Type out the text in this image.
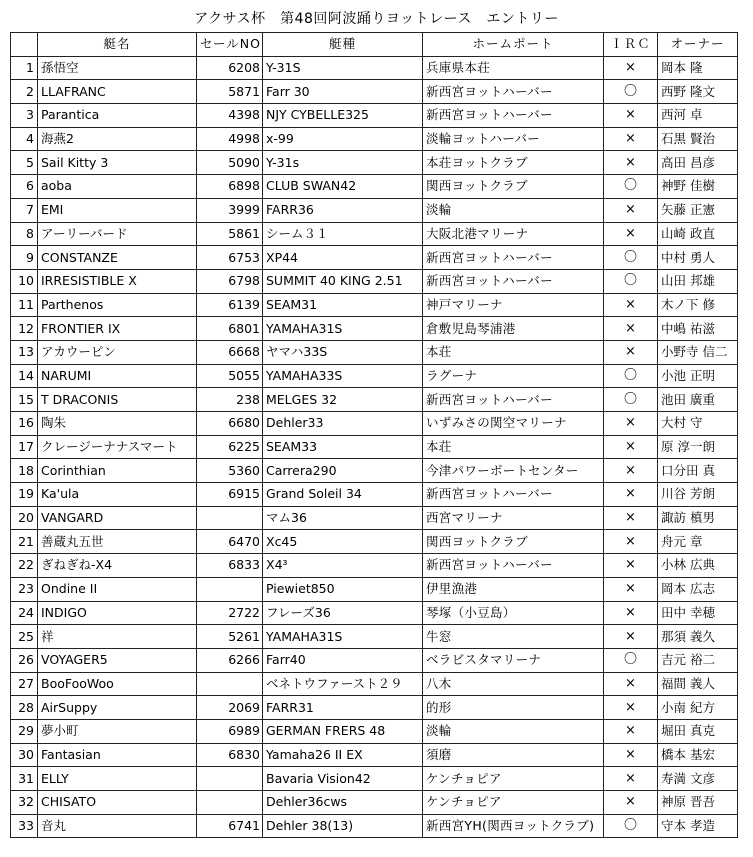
アクサス杯　第48回阿波踊りヨットレース　エントリー
	艇名	セールNO	艇種	ホームポート	ＩＲＣ	オーナー
1	孫悟空	6208	Y-31S	兵庫県本荘	×	岡本 隆
2	LLAFRANC	5871	Farr 30	新西宮ヨットハーバー	〇	西野 隆文
3	Parantica	4398	NJY CYBELLE325	新西宮ヨットハーバー	×	西河 卓
4	海燕2	4998	x-99	淡輪ヨットハーバー	×	石黒 賢治
5	Sail Kitty 3	5090	Y-31s	本荘ヨットクラブ	×	高田 昌彦
6	aoba	6898	CLUB SWAN42	関西ヨットクラブ	〇	神野 佳樹
7	EMI	3999	FARR36	淡輪	×	矢藤 正憲
8	アーリーバード	5861	シーム３１	大阪北港マリーナ	×	山崎 政直
9	CONSTANZE	6753	XP44	新西宮ヨットハーバー	〇	中村 勇人
10	IRRESISTIBLE X	6798	SUMMIT 40 KING 2.51	新西宮ヨットハーバー	〇	山田 邦雄
11	Parthenos	6139	SEAM31	神戸マリーナ	×	木ノ下 修
12	FRONTIER IX	6801	YAMAHA31S	倉敷児島琴浦港	×	中嶋 祐滋
13	アカウーピン	6668	ヤマハ33S	本荘	×	小野寺 信二
14	NARUMI	5055	YAMAHA33S	ラグーナ	〇	小池 正明
15	T DRACONIS	238	MELGES 32	新西宮ヨットハーバー	〇	池田 廣重
16	陶朱	6680	Dehler33	いずみさの関空マリーナ	×	大村 守
17	クレージーナナスマート	6225	SEAM33	本荘	×	原 淳一朗
18	Corinthian	5360	Carrera290	今津パワーボートセンター	×	口分田 真
19	Ka'ula	6915	Grand Soleil 34	新西宮ヨットハーバー	×	川谷 芳朗
20	VANGARD		マム36	西宮マリーナ	×	諏訪 槙男
21	善蔵丸五世	6470	Xc45	関西ヨットクラブ	×	舟元 章
22	ぎねぎね-X4	6833	X4³	新西宮ヨットハーバー	×	小林 広典
23	Ondine II		Piewiet850	伊里漁港	×	岡本 広志
24	INDIGO	2722	フレーズ36	琴塚（小豆島）	×	田中 幸穂
25	祥	5261	YAMAHA31S	牛窓	×	那須 義久
26	VOYAGER5	6266	Farr40	ベラビスタマリーナ	〇	吉元 裕二
27	BooFooWoo		ベネトウファースト２９	八木	×	福間 義人
28	AirSuppy	2069	FARR31	的形	×	小南 紀方
29	夢小町	6989	GERMAN FRERS 48	淡輪	×	堀田 真克
30	Fantasian	6830	Yamaha26 II EX	須磨	×	橋本 基宏
31	ELLY		Bavaria Vision42	ケンチョピア	×	寿満 文彦
32	CHISATO		Dehler36cws	ケンチョピア	×	神原 晋吾
33	音丸	6741	Dehler 38(13)	新西宮YH(関西ヨットクラブ)	〇	守本 孝造
